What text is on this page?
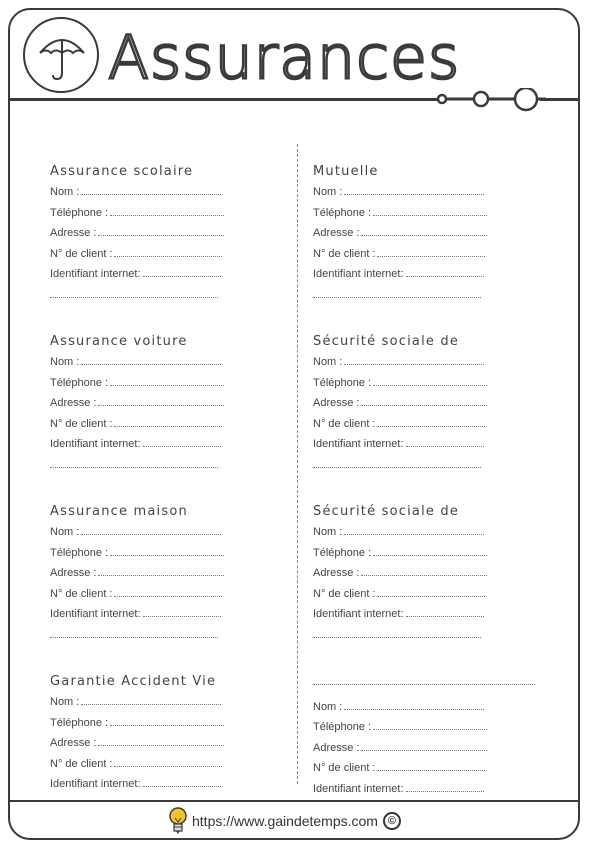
Assurances
Assurance scolaire
Nom :
Téléphone :
Adresse :
N° de client :
Identifiant internet:
Assurance voiture
Nom :
Téléphone :
Adresse :
N° de client :
Identifiant internet:
Assurance maison
Nom :
Téléphone :
Adresse :
N° de client :
Identifiant internet:
Garantie Accident Vie
Nom :
Téléphone :
Adresse :
N° de client :
Identifiant internet:
Mutuelle
Nom :
Téléphone :
Adresse :
N° de client :
Identifiant internet:
Sécurité sociale de
Nom :
Téléphone :
Adresse :
N° de client :
Identifiant internet:
Sécurité sociale de
Nom :
Téléphone :
Adresse :
N° de client :
Identifiant internet:
Nom :
Téléphone :
Adresse :
N° de client :
Identifiant internet:
https://www.gaindetemps.com ©
